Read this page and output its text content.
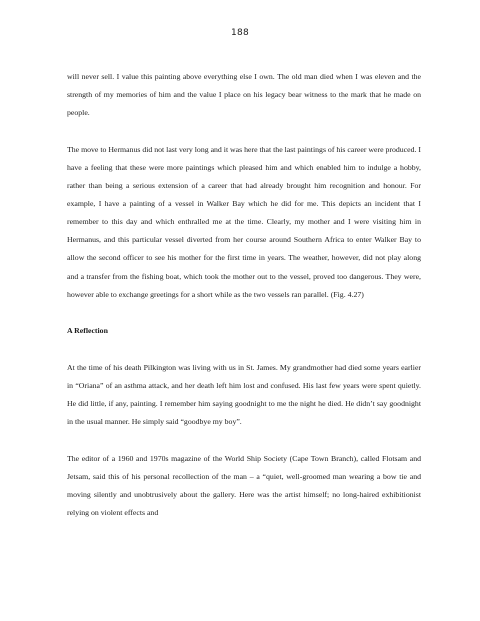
188

will never sell. I value this painting above everything else I own. The old man died when I was eleven and the strength of my memories of him and the value I place on his legacy bear witness to the mark that he made on people.

The move to Hermanus did not last very long and it was here that the last paintings of his career were produced. I have a feeling that these were more paintings which pleased him and which enabled him to indulge a hobby, rather than being a serious extension of a career that had already brought him recognition and honour. For example, I have a painting of a vessel in Walker Bay which he did for me. This depicts an incident that I remember to this day and which enthralled me at the time. Clearly, my mother and I were visiting him in Hermanus, and this particular vessel diverted from her course around Southern Africa to enter Walker Bay to allow the second officer to see his mother for the first time in years. The weather, however, did not play along and a transfer from the fishing boat, which took the mother out to the vessel, proved too dangerous. They were, however able to exchange greetings for a short while as the two vessels ran parallel. (Fig. 4.27)

A Reflection

At the time of his death Pilkington was living with us in St. James. My grandmother had died some years earlier in “Oriana” of an asthma attack, and her death left him lost and confused. His last few years were spent quietly. He did little, if any, painting. I remember him saying goodnight to me the night he died. He didn’t say goodnight in the usual manner. He simply said “goodbye my boy”.

The editor of a 1960 and 1970s magazine of the World Ship Society (Cape Town Branch), called Flotsam and Jetsam, said this of his personal recollection of the man – a “quiet, well-groomed man wearing a bow tie and moving silently and unobtrusively about the gallery. Here was the artist himself; no long-haired exhibitionist relying on violent effects and
